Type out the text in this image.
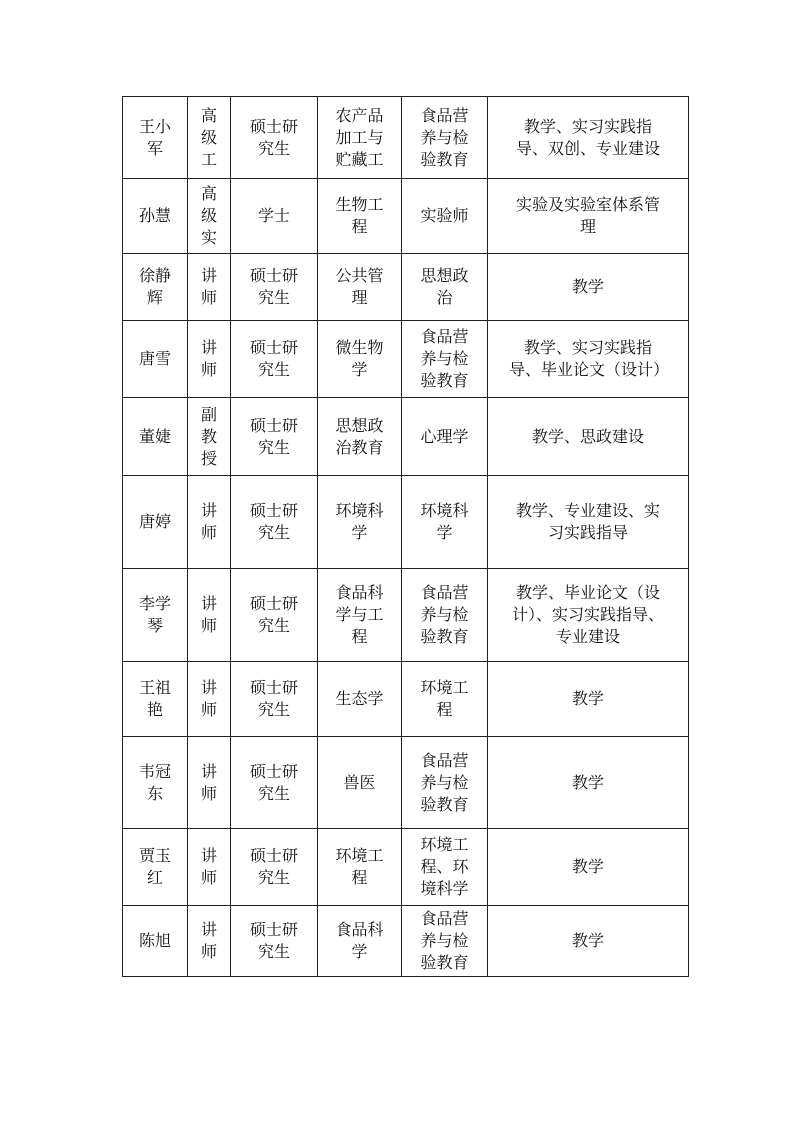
王小军	高级工	硕士研究生	农产品加工与贮藏工	食品营养与检验教育	教学、实习实践指导、双创、专业建设
孙慧	高级实	学士	生物工程	实验师	实验及实验室体系管理
徐静辉	讲师	硕士研究生	公共管理	思想政治	教学
唐雪	讲师	硕士研究生	微生物学	食品营养与检验教育	教学、实习实践指导、毕业论文（设计）
董婕	副教授	硕士研究生	思想政治教育	心理学	教学、思政建设
唐婷	讲师	硕士研究生	环境科学	环境科学	教学、专业建设、实习实践指导
李学琴	讲师	硕士研究生	食品科学与工程	食品营养与检验教育	教学、毕业论文（设计）、实习实践指导、专业建设
王祖艳	讲师	硕士研究生	生态学	环境工程	教学
韦冠东	讲师	硕士研究生	兽医	食品营养与检验教育	教学
贾玉红	讲师	硕士研究生	环境工程	环境工程、环境科学	教学
陈旭	讲师	硕士研究生	食品科学	食品营养与检验教育	教学
